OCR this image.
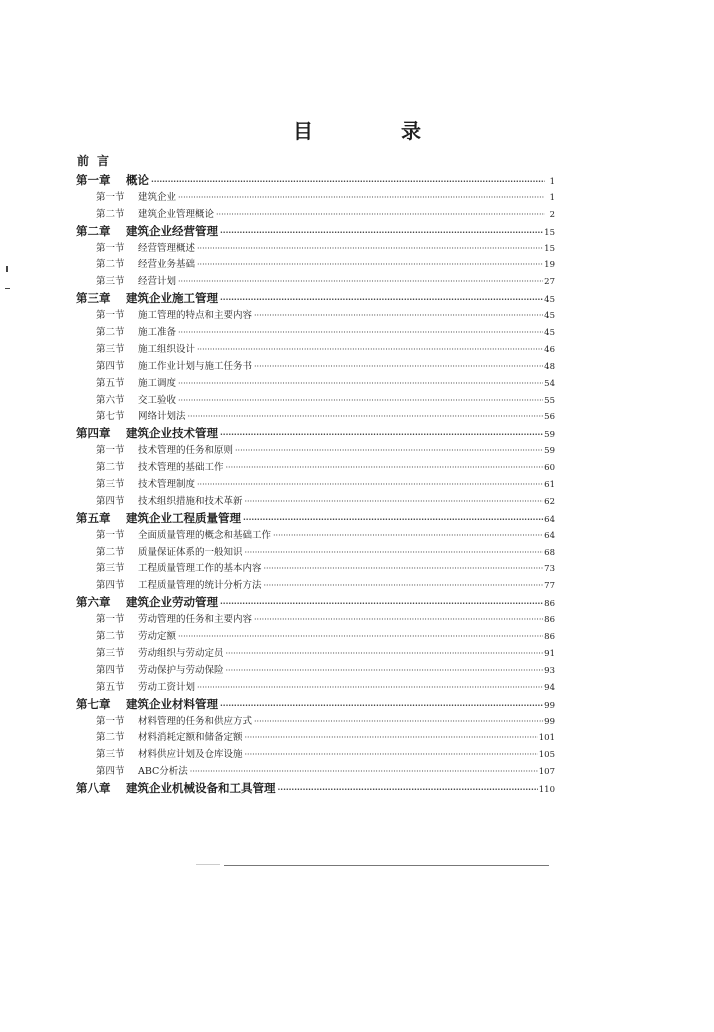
目　录
前言
第一章	概论 ·····	1
第一节	建筑企业 ·····	1
第二节	建筑企业管理概论 ·····	2
第二章	建筑企业经营管理 ·····	15
第一节	经营管理概述 ·····	15
第二节	经营业务基础 ·····	19
第三节	经营计划 ·····	27
第三章	建筑企业施工管理 ·····	45
第一节	施工管理的特点和主要内容 ·····	45
第二节	施工准备 ·····	45
第三节	施工组织设计 ·····	46
第四节	施工作业计划与施工任务书 ·····	48
第五节	施工调度 ·····	54
第六节	交工验收 ·····	55
第七节	网络计划法 ·····	56
第四章	建筑企业技术管理 ·····	59
第一节	技术管理的任务和原则 ·····	59
第二节	技术管理的基础工作 ·····	60
第三节	技术管理制度 ·····	61
第四节	技术组织措施和技术革新 ·····	62
第五章	建筑企业工程质量管理 ·····	64
第一节	全面质量管理的概念和基础工作 ·····	64
第二节	质量保证体系的一般知识 ·····	68
第三节	工程质量管理工作的基本内容 ·····	73
第四节	工程质量管理的统计分析方法 ·····	77
第六章	建筑企业劳动管理 ·····	86
第一节	劳动管理的任务和主要内容 ·····	86
第二节	劳动定额 ·····	86
第三节	劳动组织与劳动定员 ·····	91
第四节	劳动保护与劳动保险 ·····	93
第五节	劳动工资计划 ·····	94
第七章	建筑企业材料管理 ·····	99
第一节	材料管理的任务和供应方式 ·····	99
第二节	材料消耗定额和储备定额 ·····	101
第三节	材料供应计划及仓库设施 ·····	105
第四节	ABC分析法 ·····	107
第八章	建筑企业机械设备和工具管理 ·····	110
